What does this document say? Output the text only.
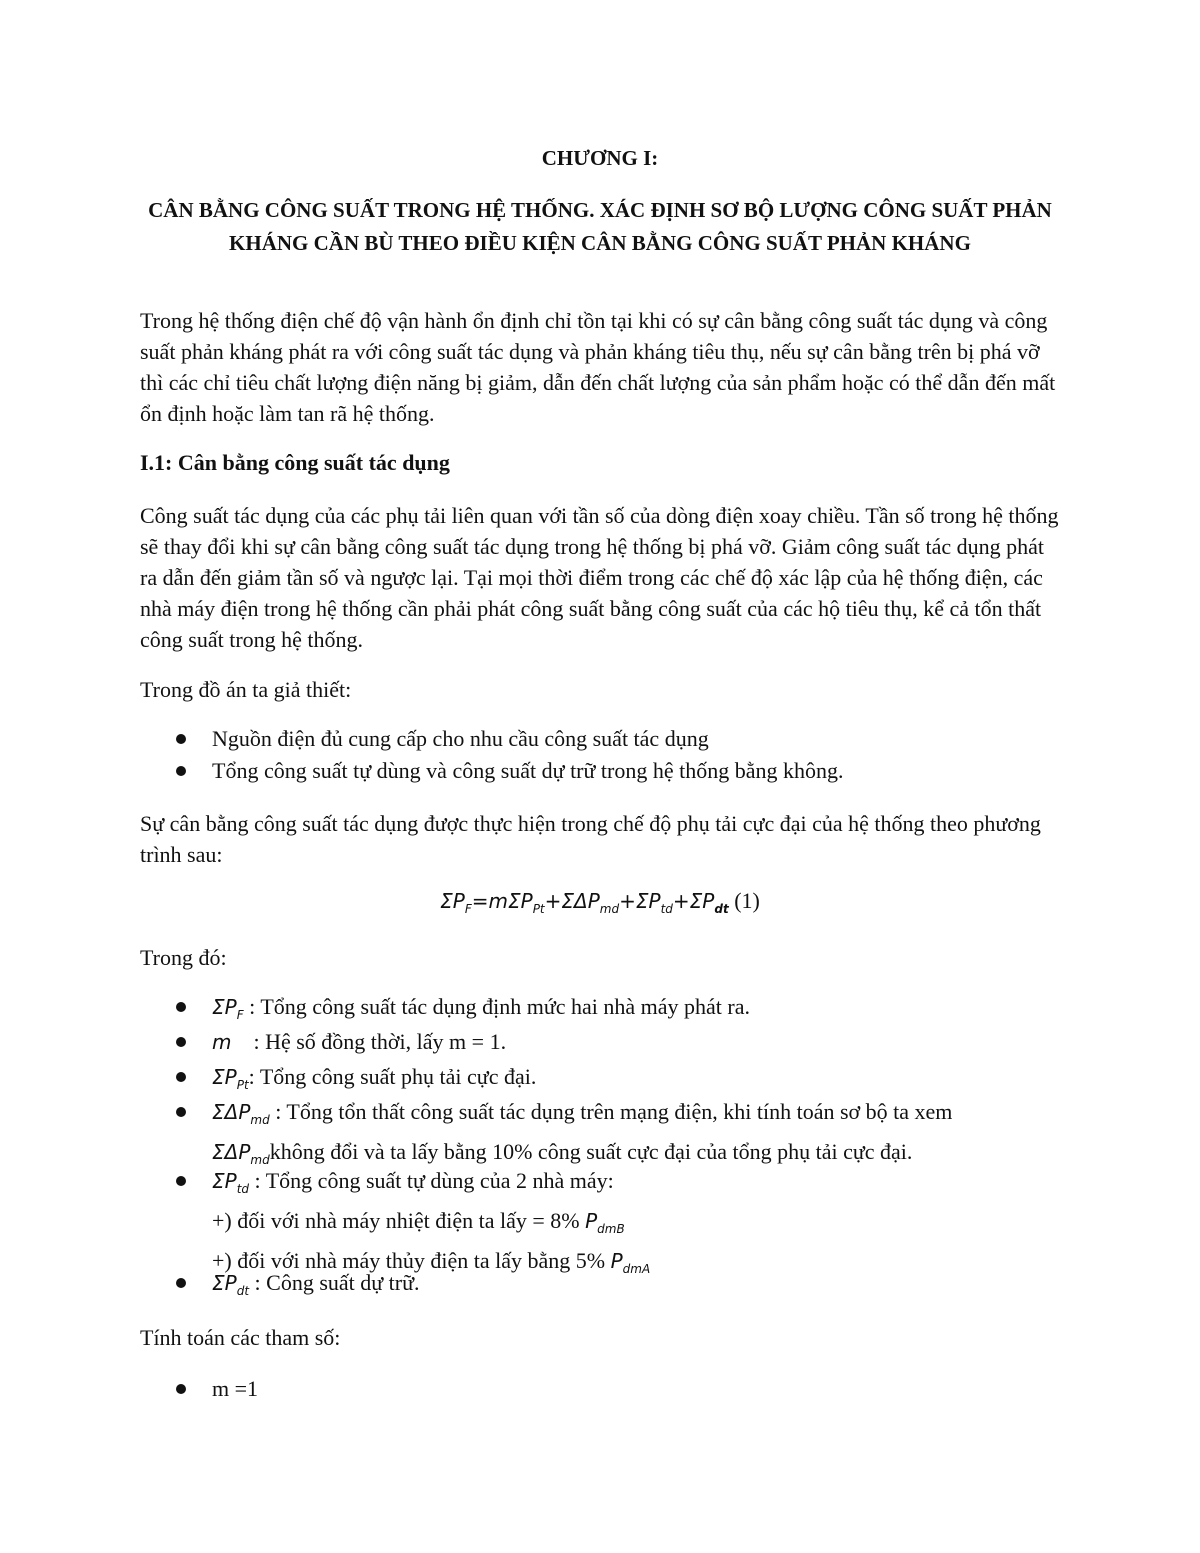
CHƯƠNG I:
CÂN BẰNG CÔNG SUẤT TRONG HỆ THỐNG. XÁC ĐỊNH SƠ BỘ LƯỢNG CÔNG SUẤT PHẢN KHÁNG CẦN BÙ THEO ĐIỀU KIỆN CÂN BẰNG CÔNG SUẤT PHẢN KHÁNG

Trong hệ thống điện chế độ vận hành ổn định chỉ tồn tại khi có sự cân bằng công suất tác dụng và công suất phản kháng phát ra với công suất tác dụng và phản kháng tiêu thụ, nếu sự cân bằng trên bị phá vỡ thì các chỉ tiêu chất lượng điện năng bị giảm, dẫn đến chất lượng của sản phẩm hoặc có thể dẫn đến mất ổn định hoặc làm tan rã hệ thống.

I.1: Cân bằng công suất tác dụng

Công suất tác dụng của các phụ tải liên quan với tần số của dòng điện xoay chiều. Tần số trong hệ thống sẽ thay đổi khi sự cân bằng công suất tác dụng trong hệ thống bị phá vỡ. Giảm công suất tác dụng phát ra dẫn đến giảm tần số và ngược lại. Tại mọi thời điểm trong các chế độ xác lập của hệ thống điện, các nhà máy điện trong hệ thống cần phải phát công suất bằng công suất của các hộ tiêu thụ, kể cả tổn thất công suất trong hệ thống.

Trong đồ án ta giả thiết:

Nguồn điện đủ cung cấp cho nhu cầu công suất tác dụng
Tổng công suất tự dùng và công suất dự trữ trong hệ thống bằng không.

Sự cân bằng công suất tác dụng được thực hiện trong chế độ phụ tải cực đại của hệ thống theo phương trình sau:

$\Sigma P_F=m\Sigma P_{Pt}+\Sigma\Delta P_{md}+\Sigma P_{td}+\Sigma P_{dt}$ (1)

Trong đó:

$\Sigma P_F$ : Tổng công suất tác dụng định mức hai nhà máy phát ra.
m : Hệ số đồng thời, lấy m = 1.
$\Sigma P_{Pt}$: Tổng công suất phụ tải cực đại.
$\Sigma\Delta P_{md}$ : Tổng tổn thất công suất tác dụng trên mạng điện, khi tính toán sơ bộ ta xem
$\Sigma\Delta P_{md}không$ đổi và ta lấy bằng 10% công suất cực đại của tổng phụ tải cực đại.
$\Sigma P_{td}$ : Tổng công suất tự dùng của 2 nhà máy:
+) đối với nhà máy nhiệt điện ta lấy = 8% $P_{dmB}$
+) đối với nhà máy thủy điện ta lấy bằng 5% $P_{dmA}$
$\Sigma P_{dt}$ : Công suất dự trữ.

Tính toán các tham số:

m =1
